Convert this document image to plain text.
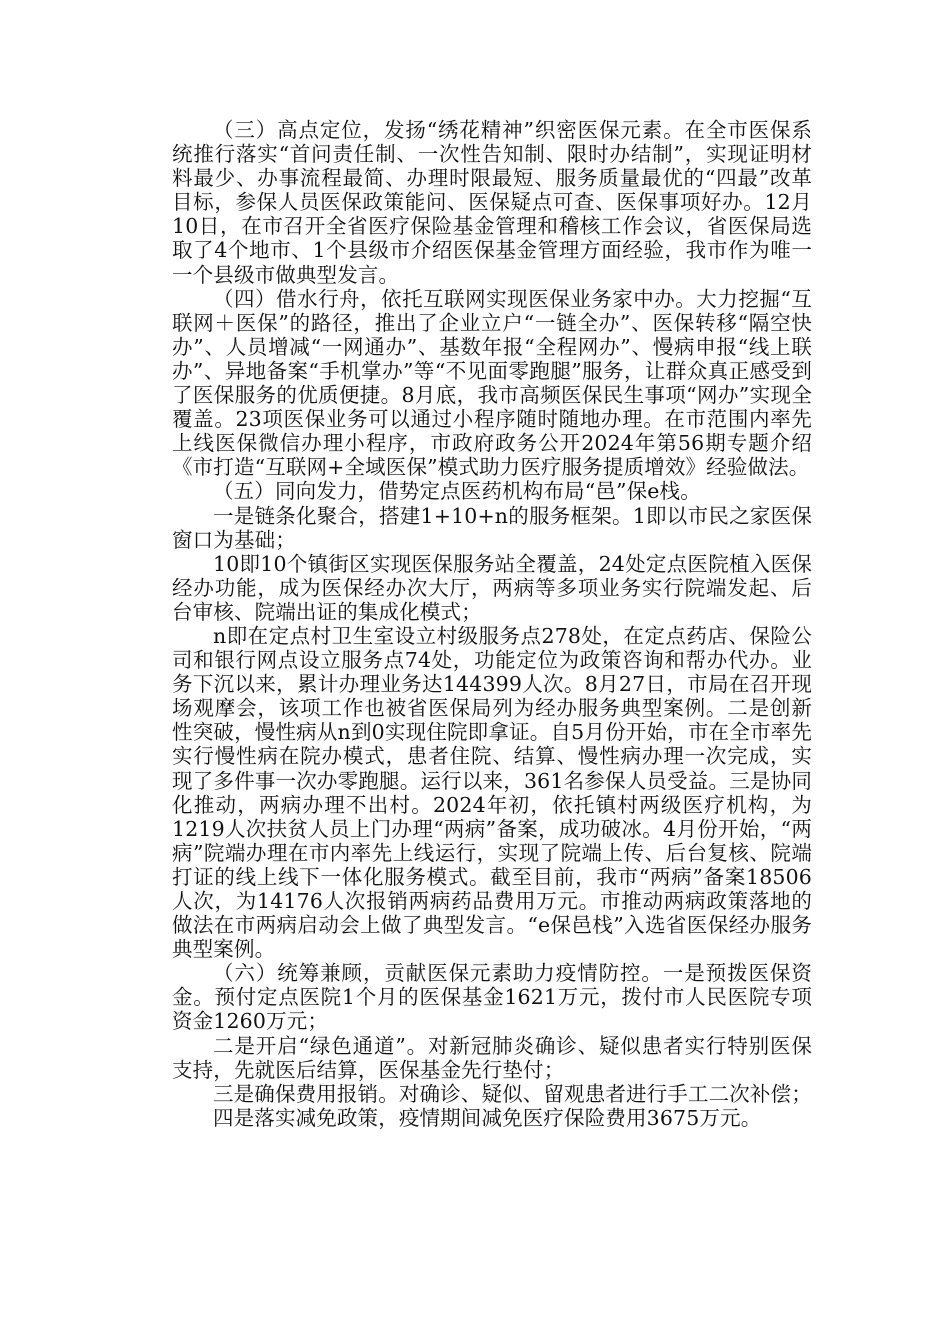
（三）高点定位，发扬“绣花精神”织密医保元素。在全市医保系统推行落实“首问责任制、一次性告知制、限时办结制”，实现证明材料最少、办事流程最简、办理时限最短、服务质量最优的“四最”改革目标，参保人员医保政策能问、医保疑点可查、医保事项好办。12月10日，在市召开全省医疗保险基金管理和稽核工作会议，省医保局选取了4个地市、1个县级市介绍医保基金管理方面经验，我市作为唯一一个县级市做典型发言。

（四）借水行舟，依托互联网实现医保业务家中办。大力挖掘“互联网＋医保”的路径，推出了企业立户“一链全办”、医保转移“隔空快办”、人员增减“一网通办”、基数年报“全程网办”、慢病申报“线上联办”、异地备案“手机掌办”等“不见面零跑腿”服务，让群众真正感受到了医保服务的优质便捷。8月底，我市高频医保民生事项“网办”实现全覆盖。23项医保业务可以通过小程序随时随地办理。在市范围内率先上线医保微信办理小程序，市政府政务公开2024年第56期专题介绍《市打造“互联网+全域医保”模式助力医疗服务提质增效》经验做法。

（五）同向发力，借势定点医药机构布局“邑”保e栈。

一是链条化聚合，搭建1+10+n的服务框架。1即以市民之家医保窗口为基础；

10即10个镇街区实现医保服务站全覆盖，24处定点医院植入医保经办功能，成为医保经办次大厅，两病等多项业务实行院端发起、后台审核、院端出证的集成化模式；

n即在定点村卫生室设立村级服务点278处，在定点药店、保险公司和银行网点设立服务点74处，功能定位为政策咨询和帮办代办。业务下沉以来，累计办理业务达144399人次。8月27日，市局在召开现场观摩会，该项工作也被省医保局列为经办服务典型案例。二是创新性突破，慢性病从n到0实现住院即拿证。自5月份开始，市在全市率先实行慢性病在院办模式，患者住院、结算、慢性病办理一次完成，实现了多件事一次办零跑腿。运行以来，361名参保人员受益。三是协同化推动，两病办理不出村。2024年初，依托镇村两级医疗机构，为1219人次扶贫人员上门办理“两病”备案，成功破冰。4月份开始，“两病”院端办理在市内率先上线运行，实现了院端上传、后台复核、院端打证的线上线下一体化服务模式。截至目前，我市“两病”备案18506人次，为14176人次报销两病药品费用万元。市推动两病政策落地的做法在市两病启动会上做了典型发言。“e保邑栈”入选省医保经办服务典型案例。

（六）统筹兼顾，贡献医保元素助力疫情防控。一是预拨医保资金。预付定点医院1个月的医保基金1621万元，拨付市人民医院专项资金1260万元；

二是开启“绿色通道”。对新冠肺炎确诊、疑似患者实行特别医保支持，先就医后结算，医保基金先行垫付；

三是确保费用报销。对确诊、疑似、留观患者进行手工二次补偿；

四是落实减免政策，疫情期间减免医疗保险费用3675万元。
